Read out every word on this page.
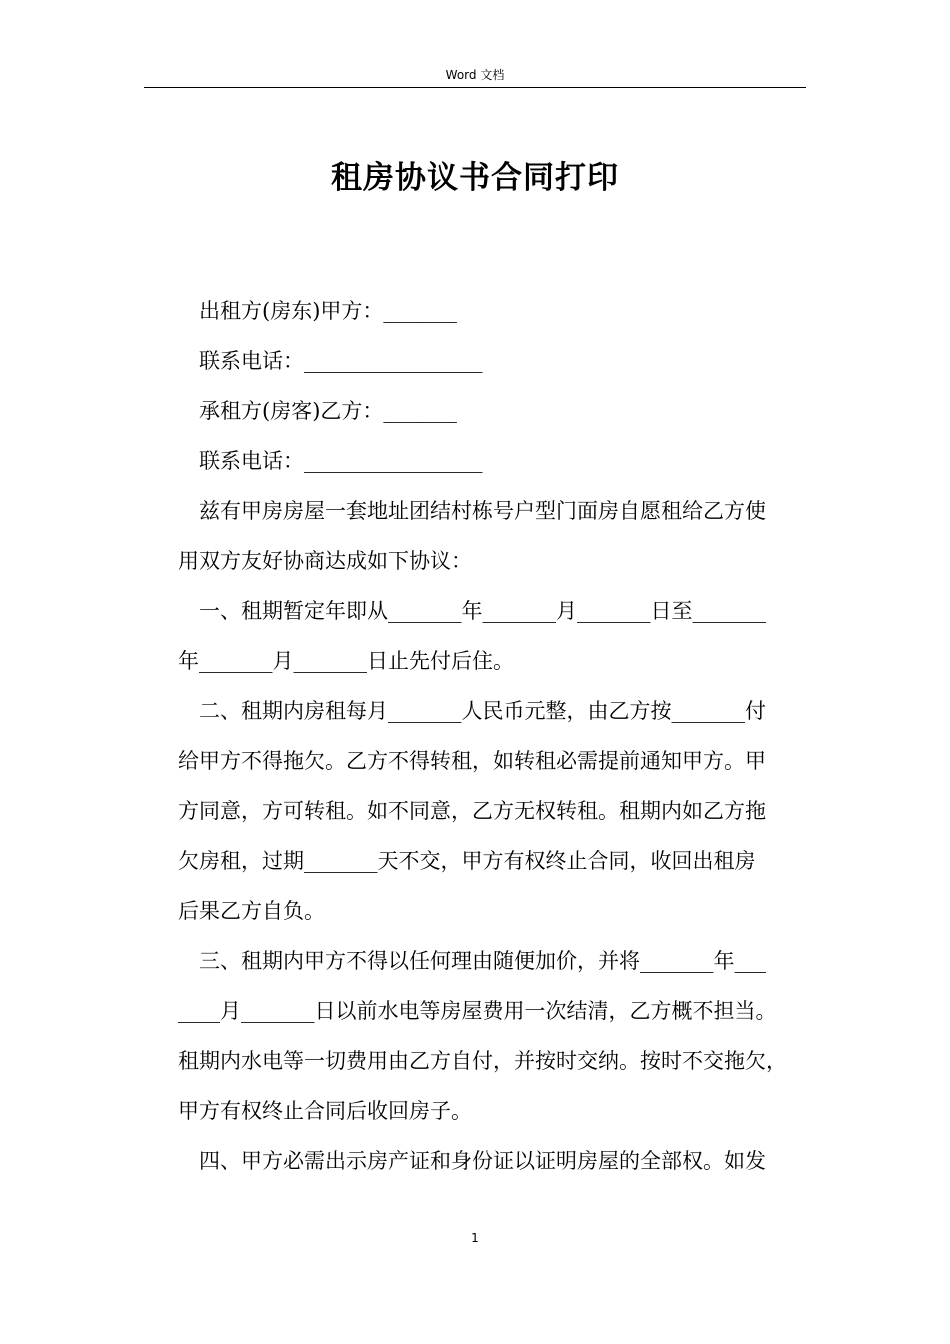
Word 文档
租房协议书合同打印
出租方(房东)甲方：_______
联系电话：_________________
承租方(房客)乙方：_______
联系电话：_________________
兹有甲房房屋一套地址团结村栋号户型门面房自愿租给乙方使
用双方友好协商达成如下协议：
一、租期暂定年即从_______年_______月_______日至_______
年_______月_______日止先付后住。
二、租期内房租每月_______人民币元整，由乙方按_______付
给甲方不得拖欠。乙方不得转租，如转租必需提前通知甲方。甲
方同意，方可转租。如不同意，乙方无权转租。租期内如乙方拖
欠房租，过期_______天不交，甲方有权终止合同，收回出租房
后果乙方自负。
三、租期内甲方不得以任何理由随便加价，并将_______年___
____月_______日以前水电等房屋费用一次结清，乙方概不担当。
租期内水电等一切费用由乙方自付，并按时交纳。按时不交拖欠，
甲方有权终止合同后收回房子。
四、甲方必需出示房产证和身份证以证明房屋的全部权。如发
1
